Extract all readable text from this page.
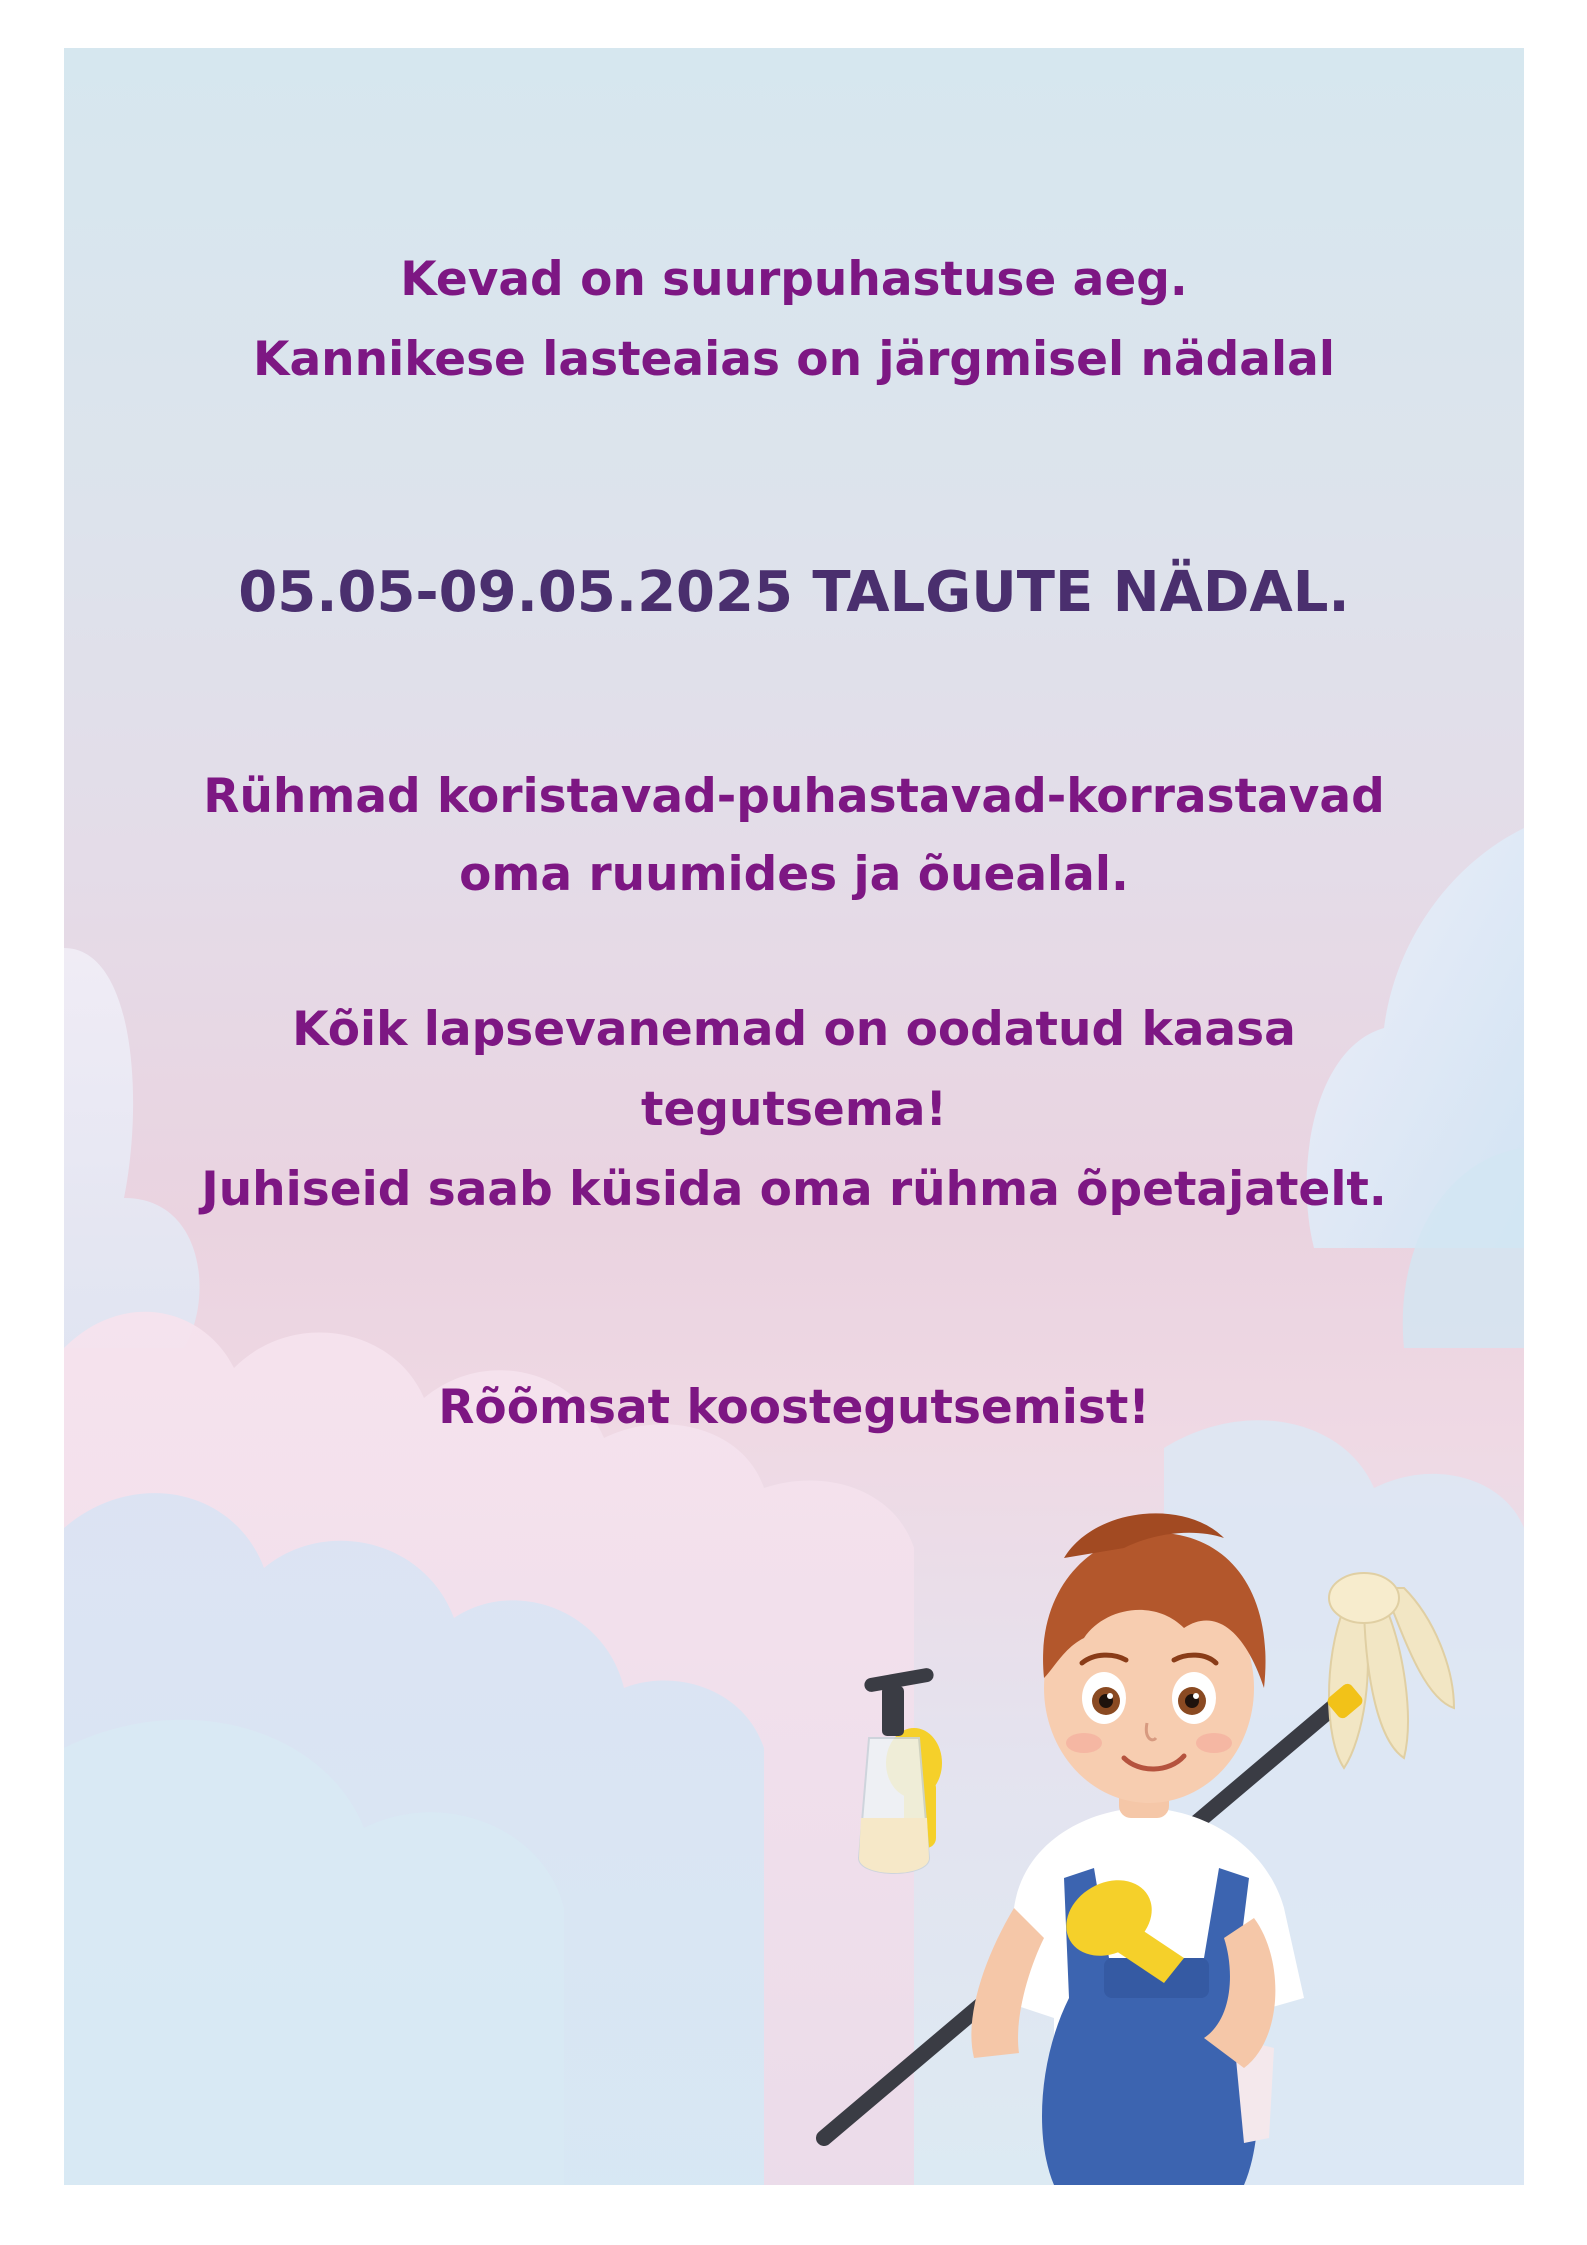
Kevad on suurpuhastuse aeg.
Kannikese lasteaias on järgmisel nädalal

05.05-09.05.2025 TALGUTE NÄDAL.

Rühmad koristavad-puhastavad-korrastavad
oma ruumides ja õuealal.

Kõik lapsevanemad on oodatud kaasa
tegutsema!
Juhiseid saab küsida oma rühma õpetajatelt.

Rõõmsat koostegutsemist!
